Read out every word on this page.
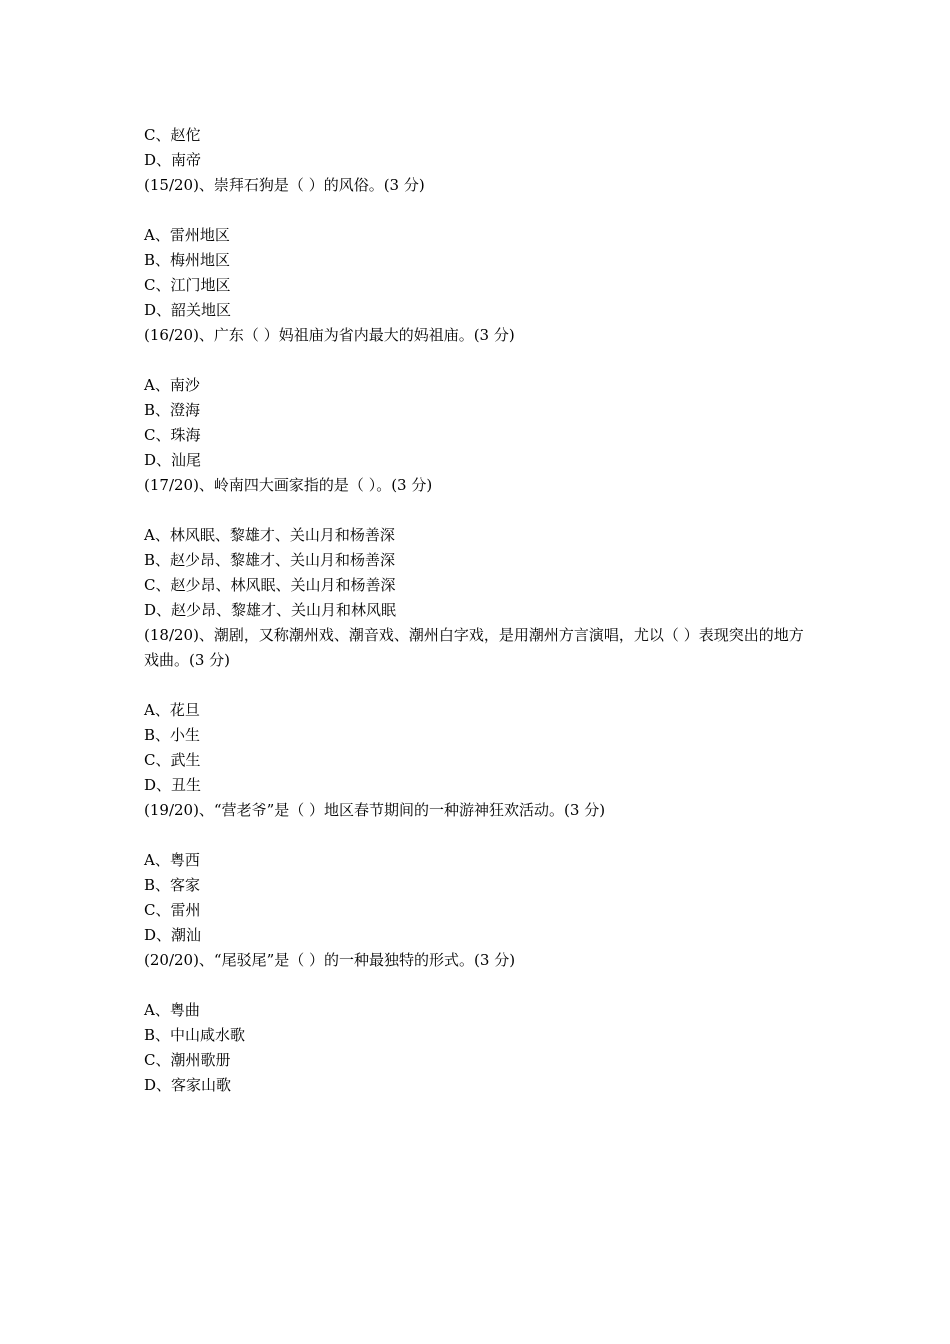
C、赵佗
D、南帝
(15/20)、崇拜石狗是（ ）的风俗。(3 分)
A、雷州地区
B、梅州地区
C、江门地区
D、韶关地区
(16/20)、广东（ ）妈祖庙为省内最大的妈祖庙。(3 分)
A、南沙
B、澄海
C、珠海
D、汕尾
(17/20)、岭南四大画家指的是（ ）。(3 分)
A、林风眠、黎雄才、关山月和杨善深
B、赵少昂、黎雄才、关山月和杨善深
C、赵少昂、林风眠、关山月和杨善深
D、赵少昂、黎雄才、关山月和林风眠
(18/20)、潮剧，又称潮州戏、潮音戏、潮州白字戏，是用潮州方言演唱，尤以（ ）表现突出的地方戏曲。(3 分)
A、花旦
B、小生
C、武生
D、丑生
(19/20)、“营老爷”是（ ）地区春节期间的一种游神狂欢活动。(3 分)
A、粤西
B、客家
C、雷州
D、潮汕
(20/20)、“尾驳尾”是（ ）的一种最独特的形式。(3 分)
A、粤曲
B、中山咸水歌
C、潮州歌册
D、客家山歌
